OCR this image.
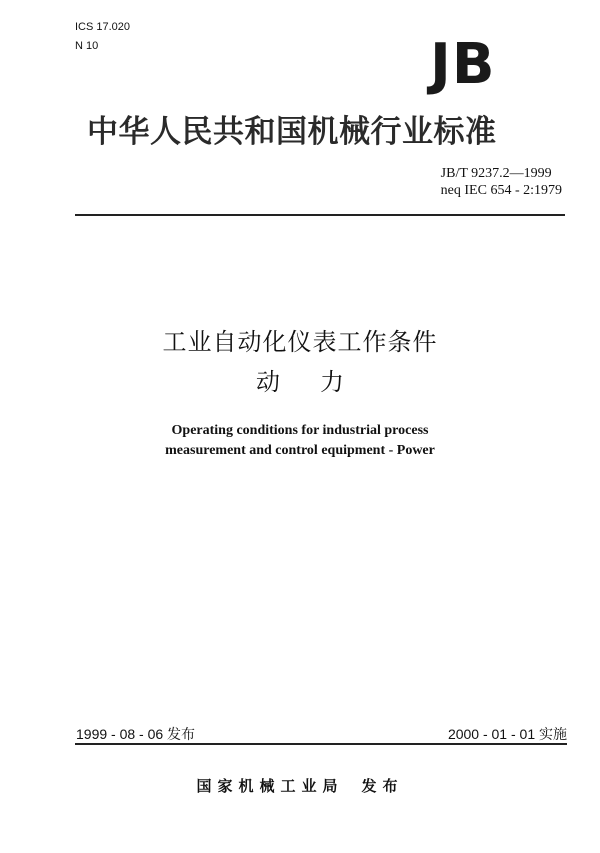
ICS 17.020
N 10	JB
中华人民共和国机械行业标准
JB/T 9237.2—1999
neq IEC 654 - 2:1979
工业自动化仪表工作条件
动力
Operating conditions for industrial process
measurement and control equipment - Power
1999 - 08 - 06 发布	2000 - 01 - 01 实施
国家机械工业局 发布
